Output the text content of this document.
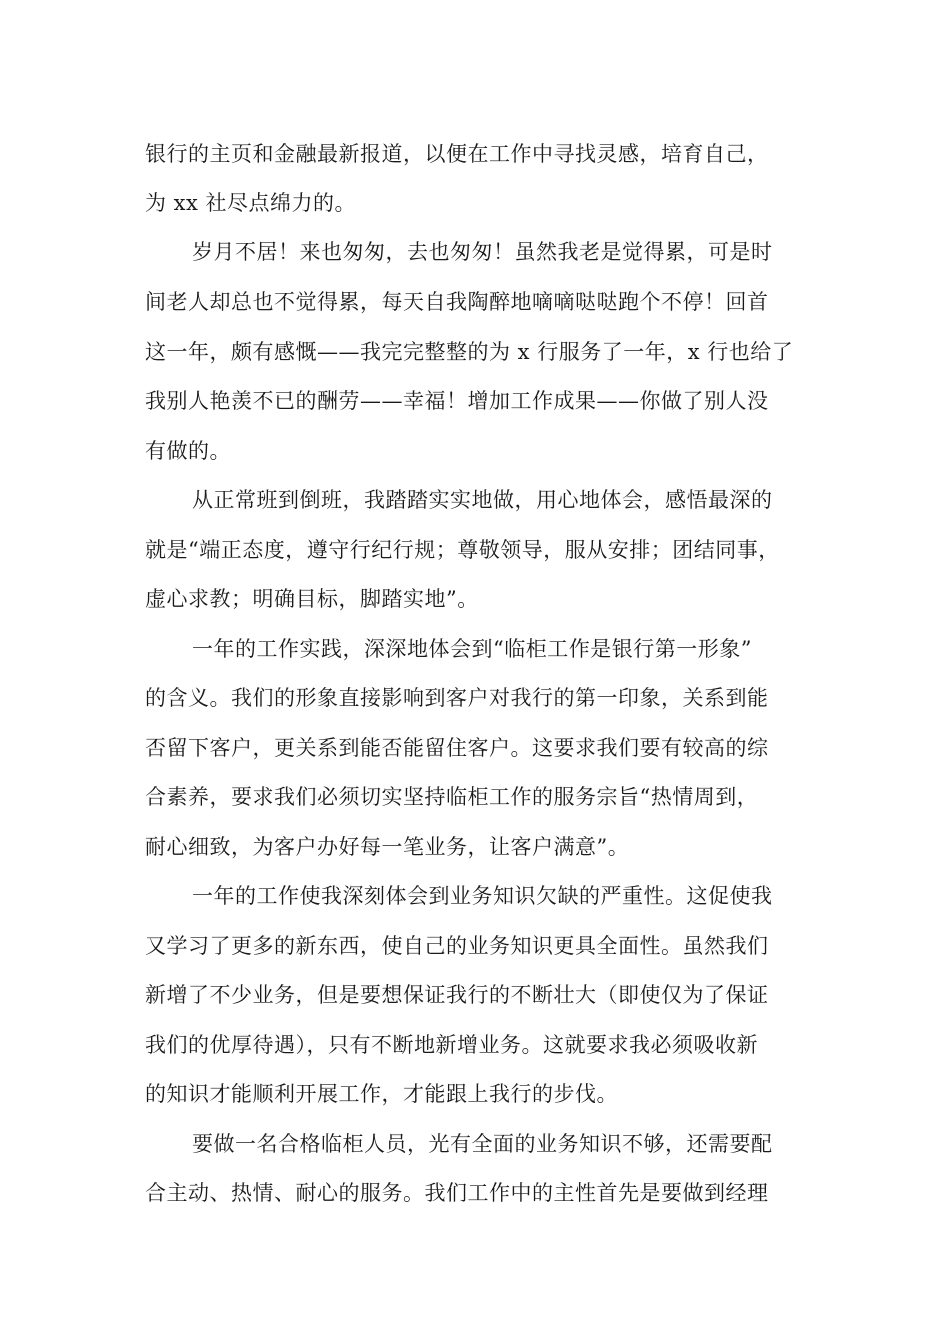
银行的主页和金融最新报道，以便在工作中寻找灵感，培育自己，
为 xx 社尽点绵力的。
岁月不居！来也匆匆，去也匆匆！虽然我老是觉得累，可是时
间老人却总也不觉得累，每天自我陶醉地嘀嘀哒哒跑个不停！回首
这一年，颇有感慨——我完完整整的为 x 行服务了一年，x 行也给了
我别人艳羡不已的酬劳——幸福！增加工作成果——你做了别人没
有做的。
从正常班到倒班，我踏踏实实地做，用心地体会，感悟最深的
就是“端正态度，遵守行纪行规；尊敬领导，服从安排；团结同事，
虚心求教；明确目标，脚踏实地”。
一年的工作实践，深深地体会到“临柜工作是银行第一形象”
的含义。我们的形象直接影响到客户对我行的第一印象，关系到能
否留下客户，更关系到能否能留住客户。这要求我们要有较高的综
合素养，要求我们必须切实坚持临柜工作的服务宗旨“热情周到，
耐心细致，为客户办好每一笔业务，让客户满意”。
一年的工作使我深刻体会到业务知识欠缺的严重性。这促使我
又学习了更多的新东西，使自己的业务知识更具全面性。虽然我们
新增了不少业务，但是要想保证我行的不断壮大（即使仅为了保证
我们的优厚待遇），只有不断地新增业务。这就要求我必须吸收新
的知识才能顺利开展工作，才能跟上我行的步伐。
要做一名合格临柜人员，光有全面的业务知识不够，还需要配
合主动、热情、耐心的服务。我们工作中的主性首先是要做到经理
